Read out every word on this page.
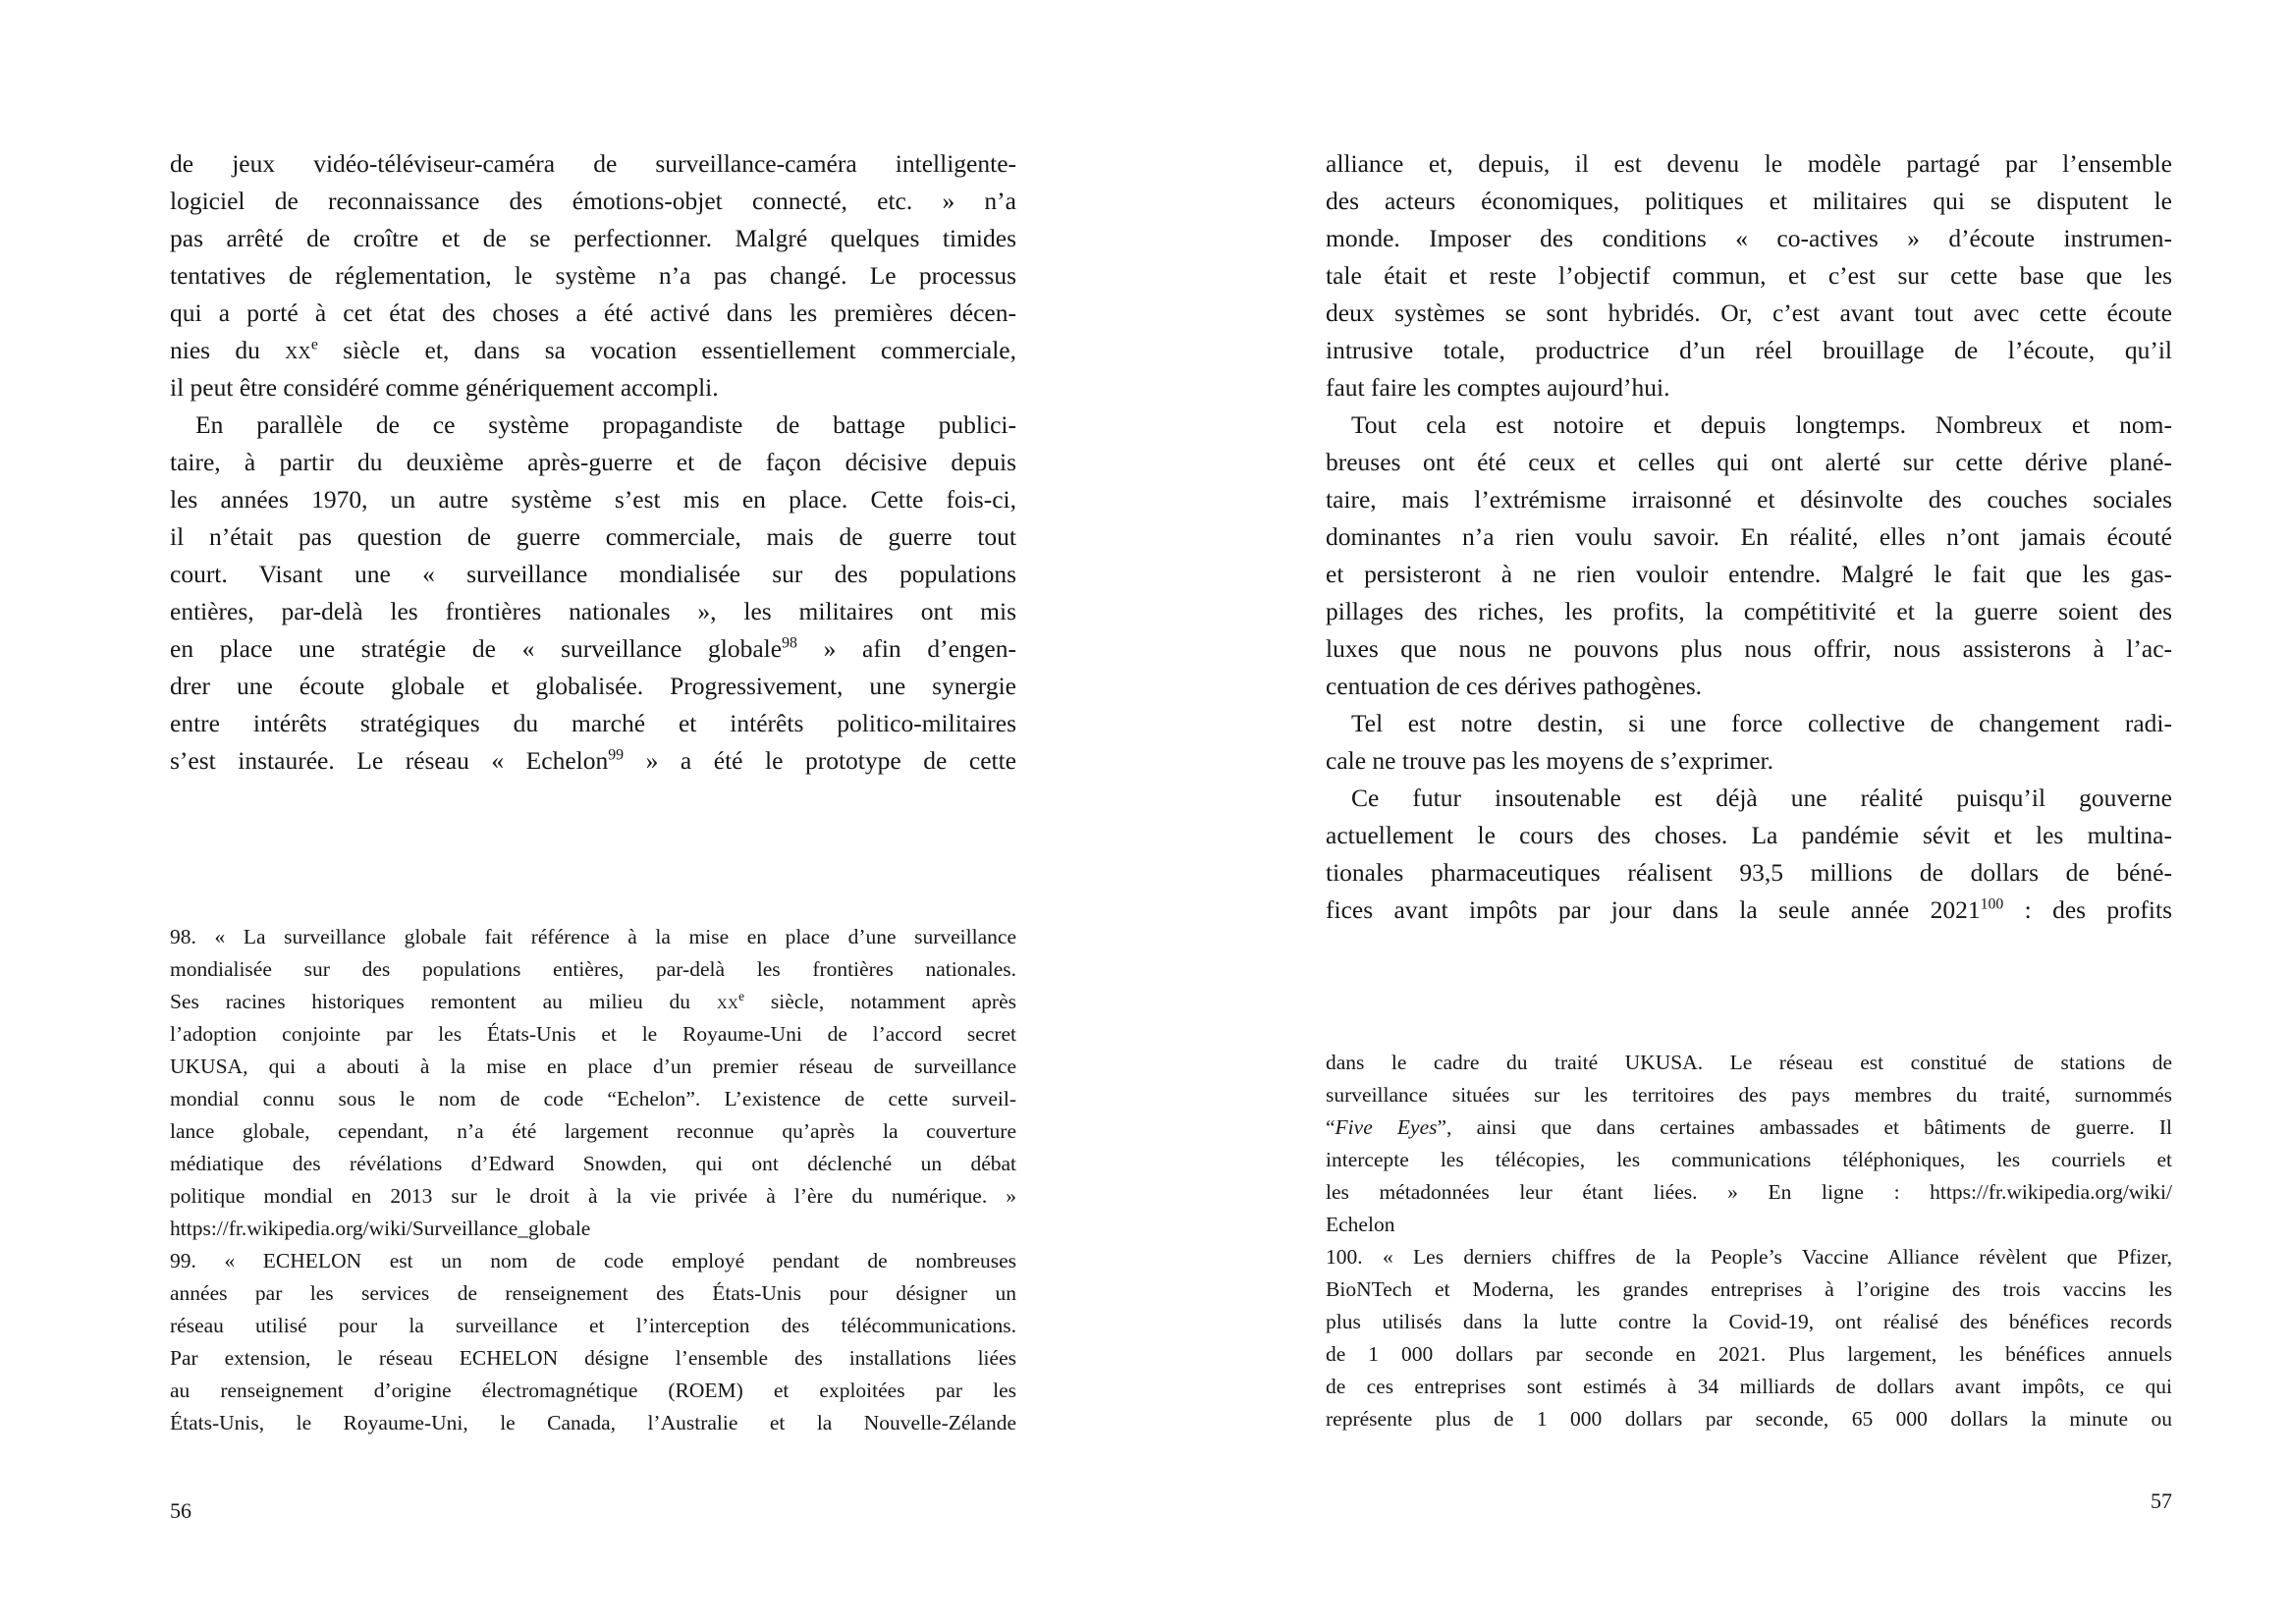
de jeux vidéo-téléviseur-caméra de surveillance-caméra intelligente-
logiciel de reconnaissance des émotions-objet connecté, etc. » n’a
pas arrêté de croître et de se perfectionner. Malgré quelques timides
tentatives de réglementation, le système n’a pas changé. Le processus
qui a porté à cet état des choses a été activé dans les premières décen-
nies du $xx^e$ siècle et, dans sa vocation essentiellement commerciale,
il peut être considéré comme génériquement accompli.
En parallèle de ce système propagandiste de battage publici-
taire, à partir du deuxième après-guerre et de façon décisive depuis
les années 1970, un autre système s’est mis en place. Cette fois-ci,
il n’était pas question de guerre commerciale, mais de guerre tout
court. Visant une « surveillance mondialisée sur des populations
entières, par-delà les frontières nationales », les militaires ont mis
en place une stratégie de « surveillance globale$^{98}$ » afin d’engen-
drer une écoute globale et globalisée. Progressivement, une synergie
entre intérêts stratégiques du marché et intérêts politico-militaires
s’est instaurée. Le réseau « Echelon$^{99}$ » a été le prototype de cette
98. « La surveillance globale fait référence à la mise en place d’une surveillance
mondialisée sur des populations entières, par-delà les frontières nationales.
Ses racines historiques remontent au milieu du $xx^e$ siècle, notamment après
l’adoption conjointe par les États-Unis et le Royaume-Uni de l’accord secret
UKUSA, qui a abouti à la mise en place d’un premier réseau de surveillance
mondial connu sous le nom de code “Echelon”. L’existence de cette surveil-
lance globale, cependant, n’a été largement reconnue qu’après la couverture
médiatique des révélations d’Edward Snowden, qui ont déclenché un débat
politique mondial en 2013 sur le droit à la vie privée à l’ère du numérique. »
https://fr.wikipedia.org/wiki/Surveillance_globale
99. « ECHELON est un nom de code employé pendant de nombreuses
années par les services de renseignement des États-Unis pour désigner un
réseau utilisé pour la surveillance et l’interception des télécommunications.
Par extension, le réseau ECHELON désigne l’ensemble des installations liées
au renseignement d’origine électromagnétique (ROEM) et exploitées par les
États-Unis, le Royaume-Uni, le Canada, l’Australie et la Nouvelle-Zélande
56
alliance et, depuis, il est devenu le modèle partagé par l’ensemble
des acteurs économiques, politiques et militaires qui se disputent le
monde. Imposer des conditions « co-actives » d’écoute instrumen-
tale était et reste l’objectif commun, et c’est sur cette base que les
deux systèmes se sont hybridés. Or, c’est avant tout avec cette écoute
intrusive totale, productrice d’un réel brouillage de l’écoute, qu’il
faut faire les comptes aujourd’hui.
Tout cela est notoire et depuis longtemps. Nombreux et nom-
breuses ont été ceux et celles qui ont alerté sur cette dérive plané-
taire, mais l’extrémisme irraisonné et désinvolte des couches sociales
dominantes n’a rien voulu savoir. En réalité, elles n’ont jamais écouté
et persisteront à ne rien vouloir entendre. Malgré le fait que les gas-
pillages des riches, les profits, la compétitivité et la guerre soient des
luxes que nous ne pouvons plus nous offrir, nous assisterons à l’ac-
centuation de ces dérives pathogènes.
Tel est notre destin, si une force collective de changement radi-
cale ne trouve pas les moyens de s’exprimer.
Ce futur insoutenable est déjà une réalité puisqu’il gouverne
actuellement le cours des choses. La pandémie sévit et les multina-
tionales pharmaceutiques réalisent 93,5 millions de dollars de béné-
fices avant impôts par jour dans la seule année 2021$^{100}$ : des profits
dans le cadre du traité UKUSA. Le réseau est constitué de stations de
surveillance situées sur les territoires des pays membres du traité, surnommés
“Five Eyes”, ainsi que dans certaines ambassades et bâtiments de guerre. Il
intercepte les télécopies, les communications téléphoniques, les courriels et
les métadonnées leur étant liées. » En ligne : https://fr.wikipedia.org/wiki/
Echelon
100. « Les derniers chiffres de la People’s Vaccine Alliance révèlent que Pfizer,
BioNTech et Moderna, les grandes entreprises à l’origine des trois vaccins les
plus utilisés dans la lutte contre la Covid-19, ont réalisé des bénéfices records
de 1 000 dollars par seconde en 2021. Plus largement, les bénéfices annuels
de ces entreprises sont estimés à 34 milliards de dollars avant impôts, ce qui
représente plus de 1 000 dollars par seconde, 65 000 dollars la minute ou
57
